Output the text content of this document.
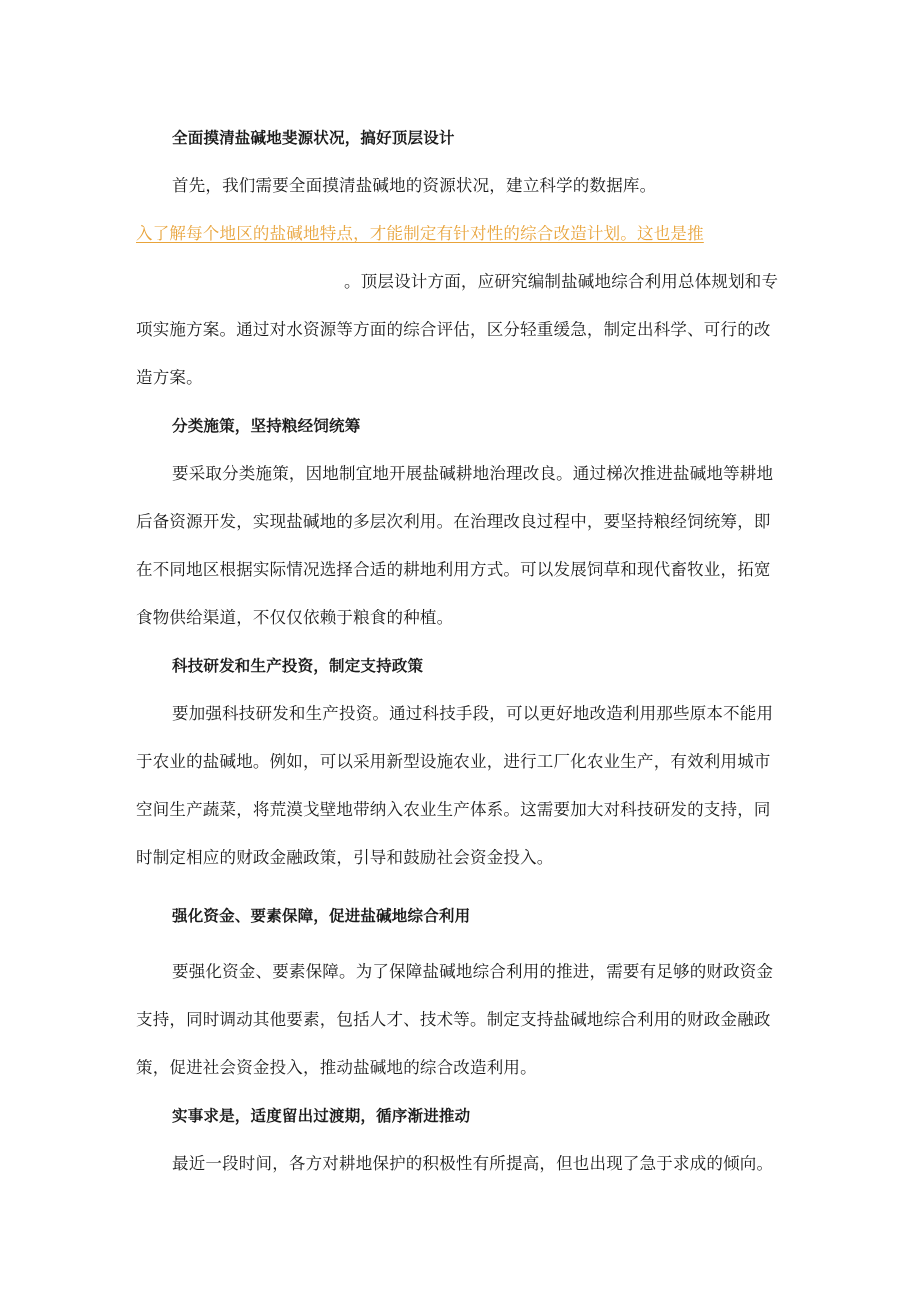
全面摸清盐碱地斐源状况，搞好顶层设计
首先，我们需要全面摸清盐碱地的资源状况，建立科学的数据库。
入了解每个地区的盐碱地特点，才能制定有针对性的综合改造计划。这也是推
。顶层设计方面，应研究编制盐碱地综合利用总体规划和专
项实施方案。通过对水资源等方面的综合评估，区分轻重缓急，制定出科学、可行的改
造方案。
分类施策，坚持粮经饲统筹
要采取分类施策，因地制宜地开展盐碱耕地治理改良。通过梯次推进盐碱地等耕地
后备资源开发，实现盐碱地的多层次利用。在治理改良过程中，要坚持粮经饲统筹，即
在不同地区根据实际情况选择合适的耕地利用方式。可以发展饲草和现代畜牧业，拓宽
食物供给渠道，不仅仅依赖于粮食的种植。
科技研发和生产投资，制定支持政策
要加强科技研发和生产投资。通过科技手段，可以更好地改造利用那些原本不能用
于农业的盐碱地。例如，可以采用新型设施农业，进行工厂化农业生产，有效利用城市
空间生产蔬菜，将荒漠戈壁地带纳入农业生产体系。这需要加大对科技研发的支持，同
时制定相应的财政金融政策，引导和鼓励社会资金投入。
强化资金、要素保障，促进盐碱地综合利用
要强化资金、要素保障。为了保障盐碱地综合利用的推进，需要有足够的财政资金
支持，同时调动其他要素，包括人才、技术等。制定支持盐碱地综合利用的财政金融政
策，促进社会资金投入，推动盐碱地的综合改造利用。
实事求是，适度留出过渡期，循序渐进推动
最近一段时间，各方对耕地保护的积极性有所提高，但也出现了急于求成的倾向。
